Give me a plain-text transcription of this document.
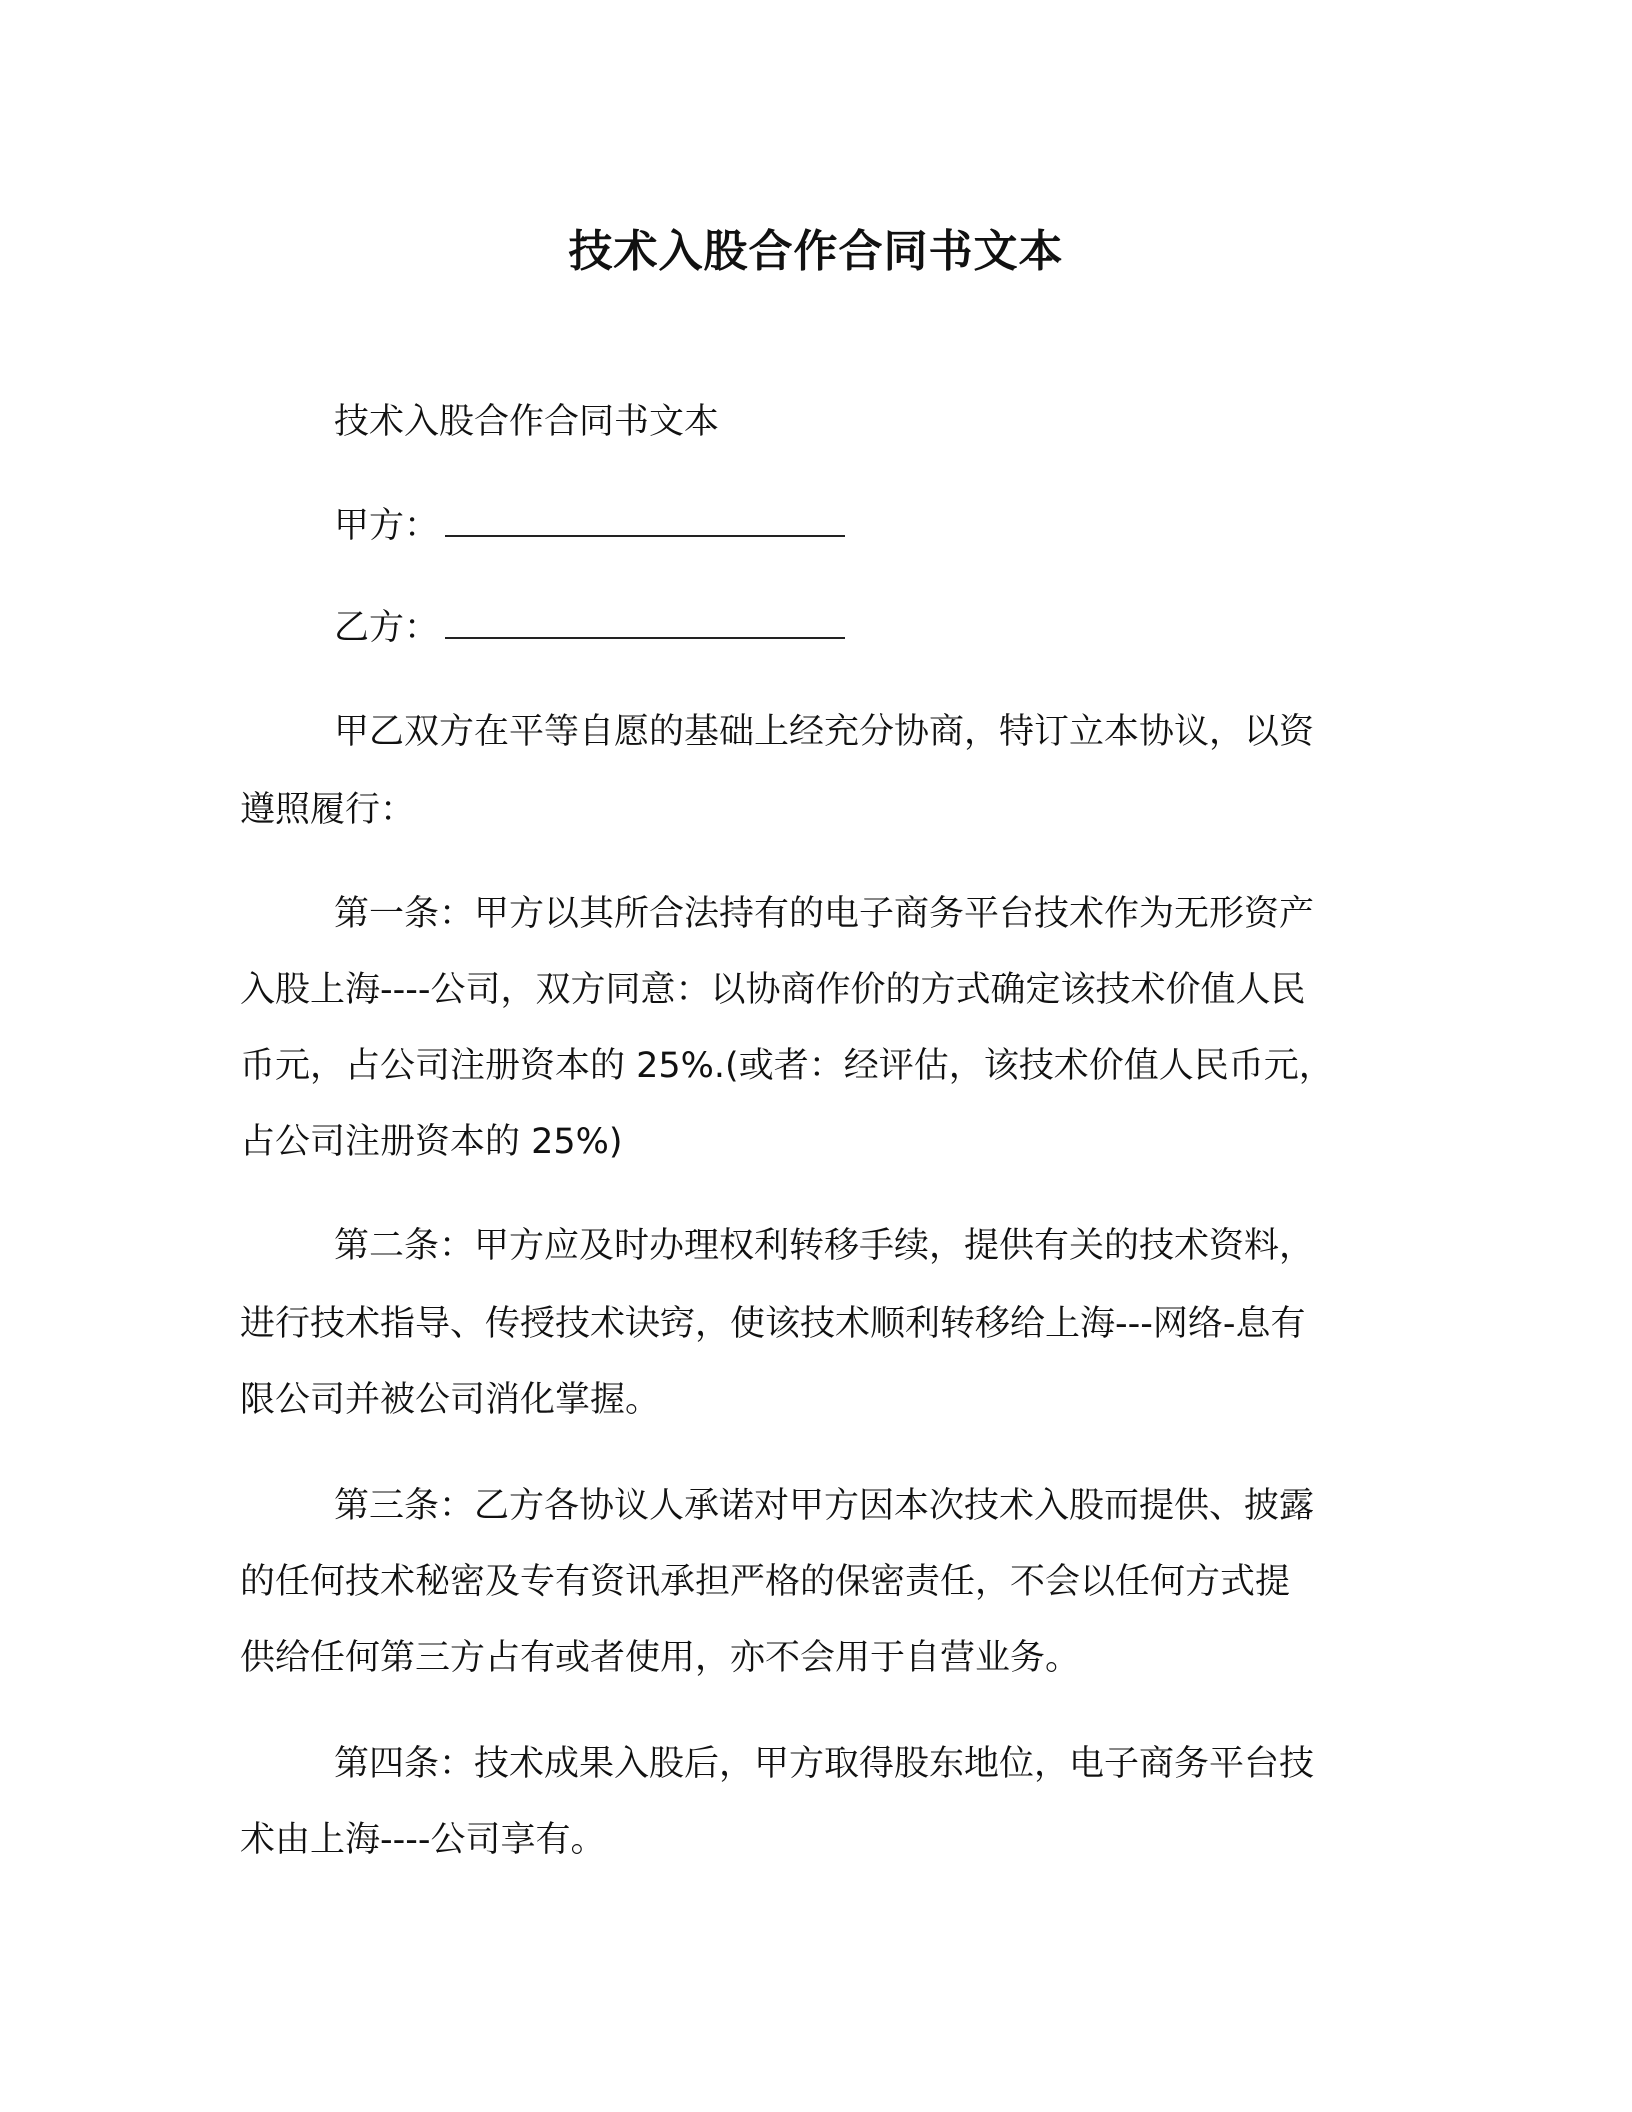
技术入股合作合同书文本
技术入股合作合同书文本
甲方：
乙方：
甲乙双方在平等自愿的基础上经充分协商，特订立本协议，以资
遵照履行：
第一条：甲方以其所合法持有的电子商务平台技术作为无形资产
入股上海----公司，双方同意：以协商作价的方式确定该技术价值人民
币元，占公司注册资本的 25%.(或者：经评估，该技术价值人民币元，
占公司注册资本的 25%)
第二条：甲方应及时办理权利转移手续，提供有关的技术资料，
进行技术指导、传授技术诀窍，使该技术顺利转移给上海---网络-息有
限公司并被公司消化掌握。
第三条：乙方各协议人承诺对甲方因本次技术入股而提供、披露
的任何技术秘密及专有资讯承担严格的保密责任，不会以任何方式提
供给任何第三方占有或者使用，亦不会用于自营业务。
第四条：技术成果入股后，甲方取得股东地位，电子商务平台技
术由上海----公司享有。
